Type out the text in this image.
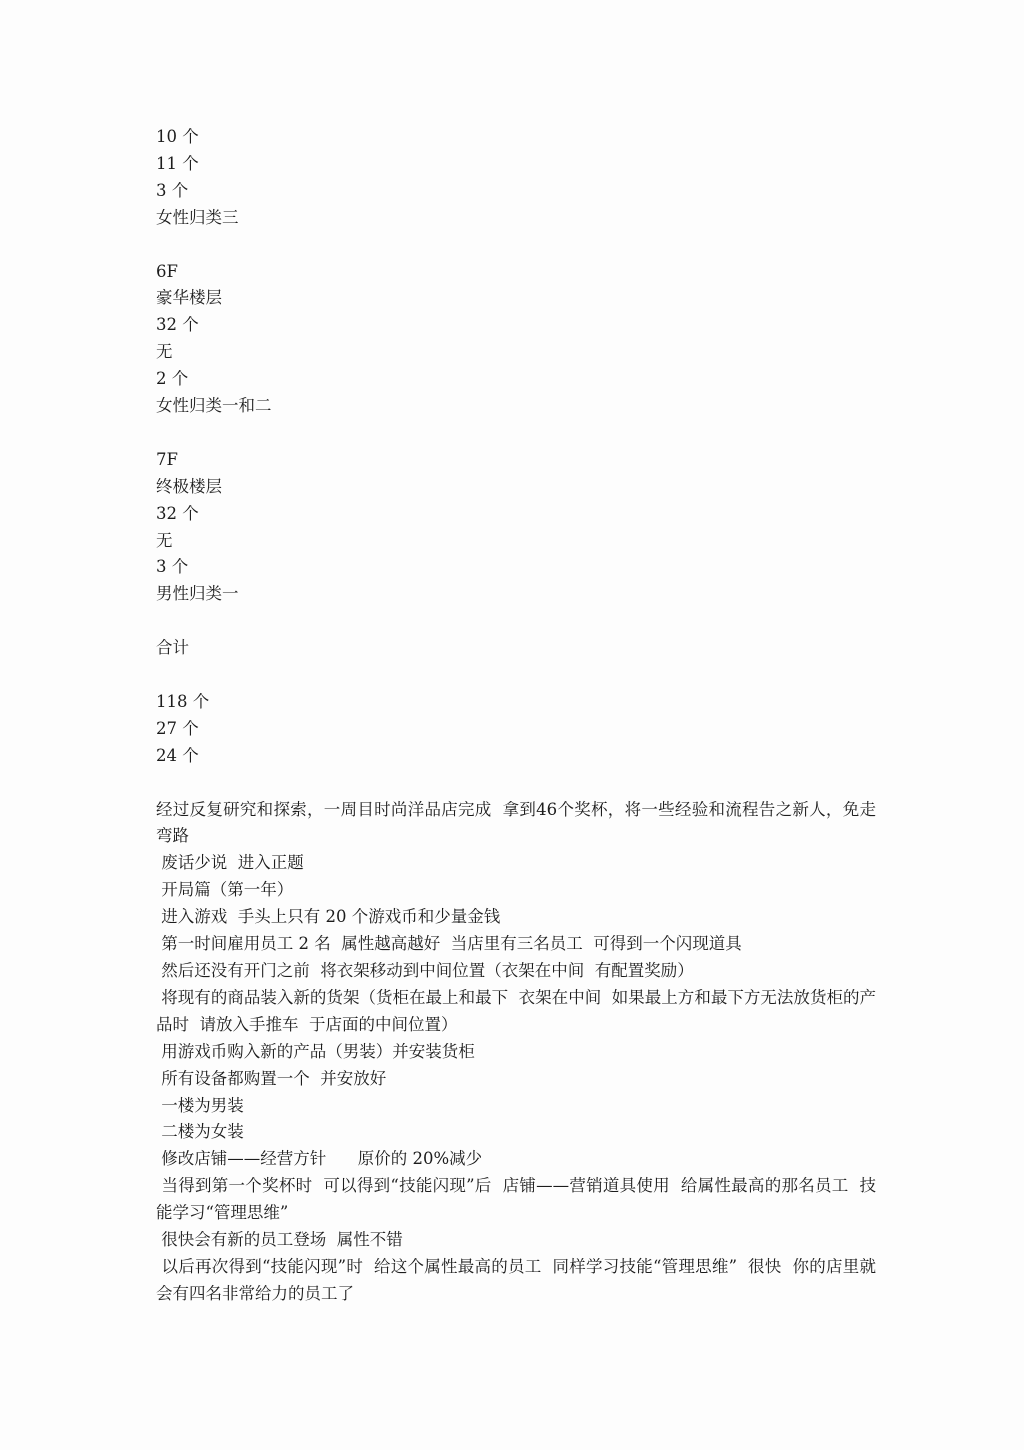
10 个
11 个
3 个
女性归类三
6F
豪华楼层
32 个
无
2 个
女性归类一和二
7F
终极楼层
32 个
无
3 个
男性归类一
合计
118 个
27 个
24 个
经过反复研究和探索，一周目时尚洋品店完成  拿到46个奖杯，将一些经验和流程告之新人，免走弯路
废话少说  进入正题
开局篇（第一年）
进入游戏  手头上只有 20 个游戏币和少量金钱
第一时间雇用员工 2 名  属性越高越好  当店里有三名员工  可得到一个闪现道具
然后还没有开门之前  将衣架移动到中间位置（衣架在中间  有配置奖励）
将现有的商品装入新的货架（货柜在最上和最下  衣架在中间  如果最上方和最下方无法放货柜的产品时  请放入手推车  于店面的中间位置）
用游戏币购入新的产品（男装）并安装货柜
所有设备都购置一个  并安放好
一楼为男装
二楼为女装
修改店铺——经营方针      原价的 20%减少
当得到第一个奖杯时  可以得到“技能闪现”后  店铺——营销道具使用  给属性最高的那名员工  技能学习“管理思维”
很快会有新的员工登场  属性不错
以后再次得到“技能闪现”时  给这个属性最高的员工  同样学习技能“管理思维”  很快  你的店里就会有四名非常给力的员工了
